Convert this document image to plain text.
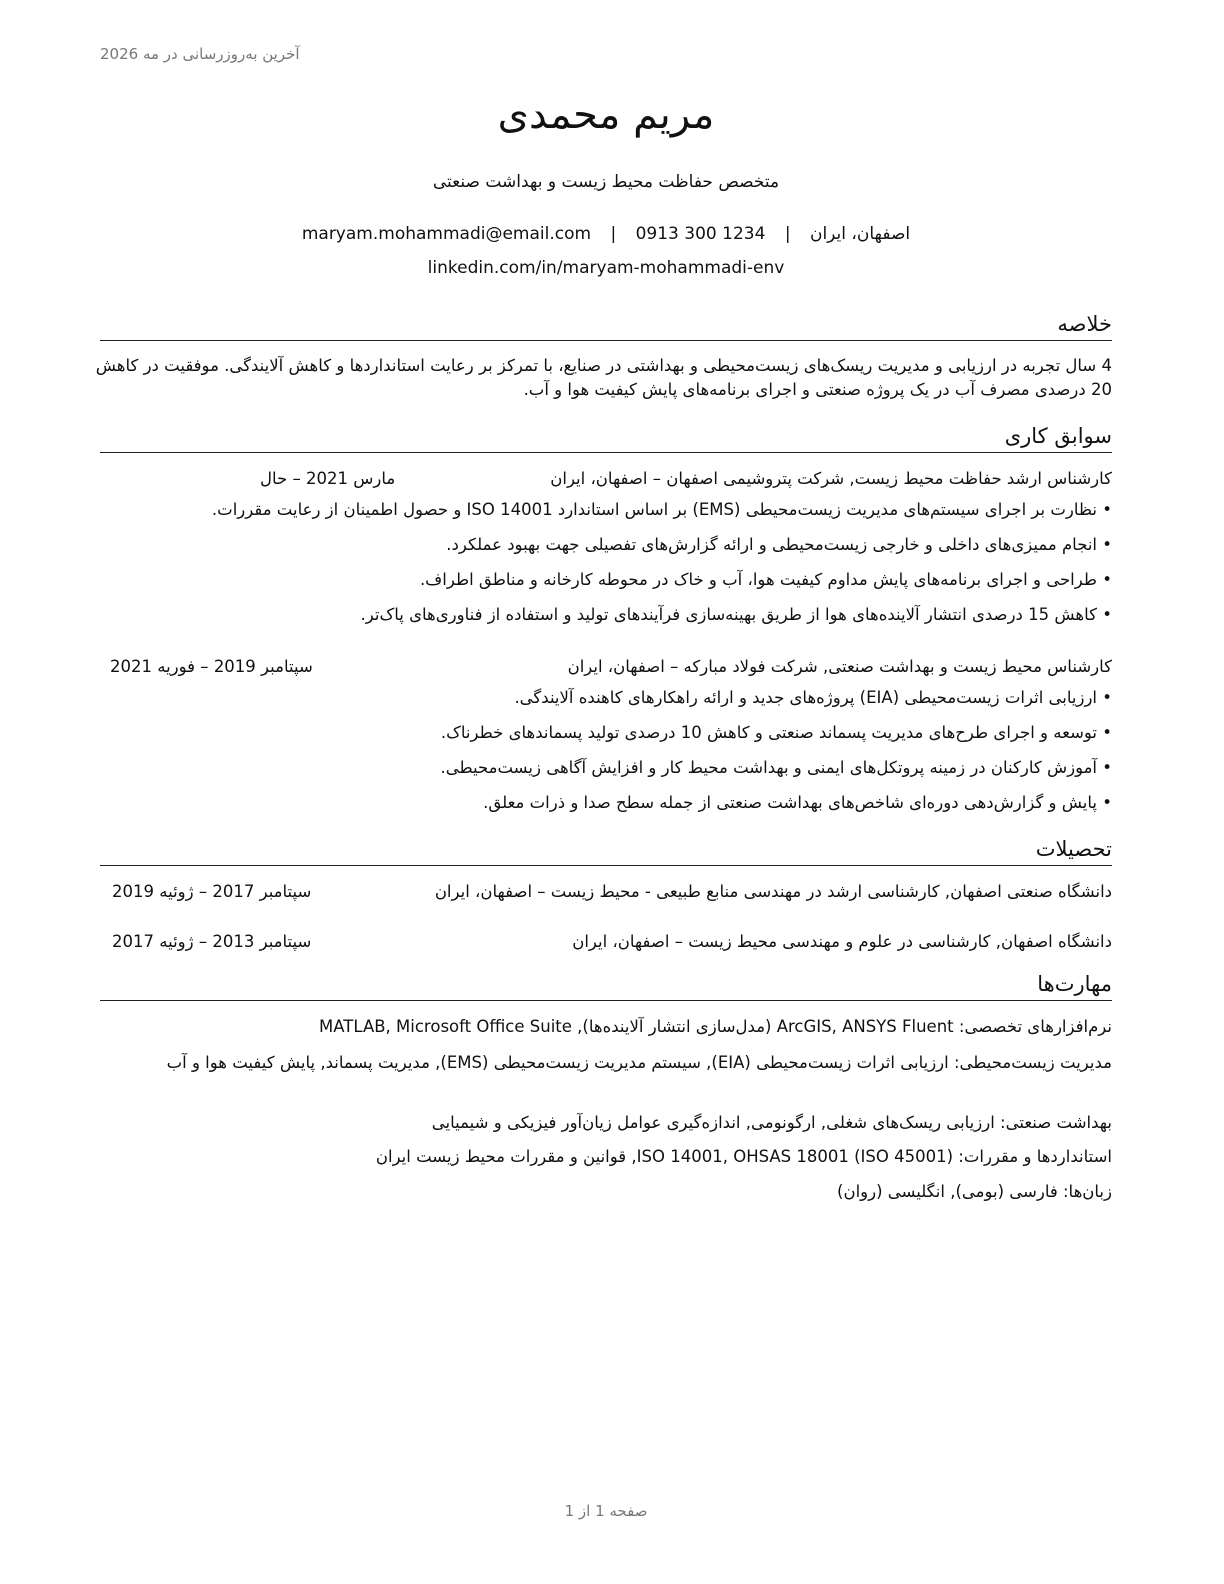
آخرین به‌روزرسانی در مه 2026
مریم محمدی
متخصص حفاظت محیط زیست و بهداشت صنعتی
اصفهان، ایران | maryam.mohammadi@email.com | 0913 300 1234
linkedin.com/in/maryam-mohammadi-env
خلاصه
4 سال تجربه در ارزیابی و مدیریت ریسک‌های زیست‌محیطی و بهداشتی در صنایع، با تمرکز بر رعایت استانداردها و کاهش آلایندگی. موفقیت در کاهش 20 درصدی مصرف آب در یک پروژه صنعتی و اجرای برنامه‌های پایش کیفیت هوا و آب.
سوابق کاری
کارشناس ارشد حفاظت محیط زیست, شرکت پتروشیمی اصفهان – اصفهان، ایران
مارس 2021 – حال
• نظارت بر اجرای سیستم‌های مدیریت زیست‌محیطی (EMS) بر اساس استاندارد ISO 14001 و حصول اطمینان از رعایت مقررات.
• انجام ممیزی‌های داخلی و خارجی زیست‌محیطی و ارائه گزارش‌های تفصیلی جهت بهبود عملکرد.
• طراحی و اجرای برنامه‌های پایش مداوم کیفیت هوا، آب و خاک در محوطه کارخانه و مناطق اطراف.
• کاهش 15 درصدی انتشار آلاینده‌های هوا از طریق بهینه‌سازی فرآیندهای تولید و استفاده از فناوری‌های پاک‌تر.
کارشناس محیط زیست و بهداشت صنعتی, شرکت فولاد مبارکه – اصفهان، ایران
سپتامبر 2019 – فوریه 2021
• ارزیابی اثرات زیست‌محیطی (EIA) پروژه‌های جدید و ارائه راهکارهای کاهنده آلایندگی.
• توسعه و اجرای طرح‌های مدیریت پسماند صنعتی و کاهش 10 درصدی تولید پسماندهای خطرناک.
• آموزش کارکنان در زمینه پروتکل‌های ایمنی و بهداشت محیط کار و افزایش آگاهی زیست‌محیطی.
• پایش و گزارش‌دهی دوره‌ای شاخص‌های بهداشت صنعتی از جمله سطح صدا و ذرات معلق.
تحصیلات
دانشگاه صنعتی اصفهان, کارشناسی ارشد در مهندسی منابع طبیعی - محیط زیست – اصفهان، ایران
سپتامبر 2017 – ژوئیه 2019
دانشگاه اصفهان, کارشناسی در علوم و مهندسی محیط زیست – اصفهان، ایران
سپتامبر 2013 – ژوئیه 2017
مهارت‌ها
نرم‌افزارهای تخصصی: ArcGIS, ANSYS Fluent (مدل‌سازی انتشار آلاینده‌ها), MATLAB, Microsoft Office Suite
مدیریت زیست‌محیطی: ارزیابی اثرات زیست‌محیطی (EIA), سیستم مدیریت زیست‌محیطی (EMS), مدیریت پسماند, پایش کیفیت هوا و آب
بهداشت صنعتی: ارزیابی ریسک‌های شغلی, ارگونومی, اندازه‌گیری عوامل زیان‌آور فیزیکی و شیمیایی
استانداردها و مقررات: ISO 14001, OHSAS 18001 (ISO 45001), قوانین و مقررات محیط زیست ایران
زبان‌ها: فارسی (بومی), انگلیسی (روان)
صفحه 1 از 1
